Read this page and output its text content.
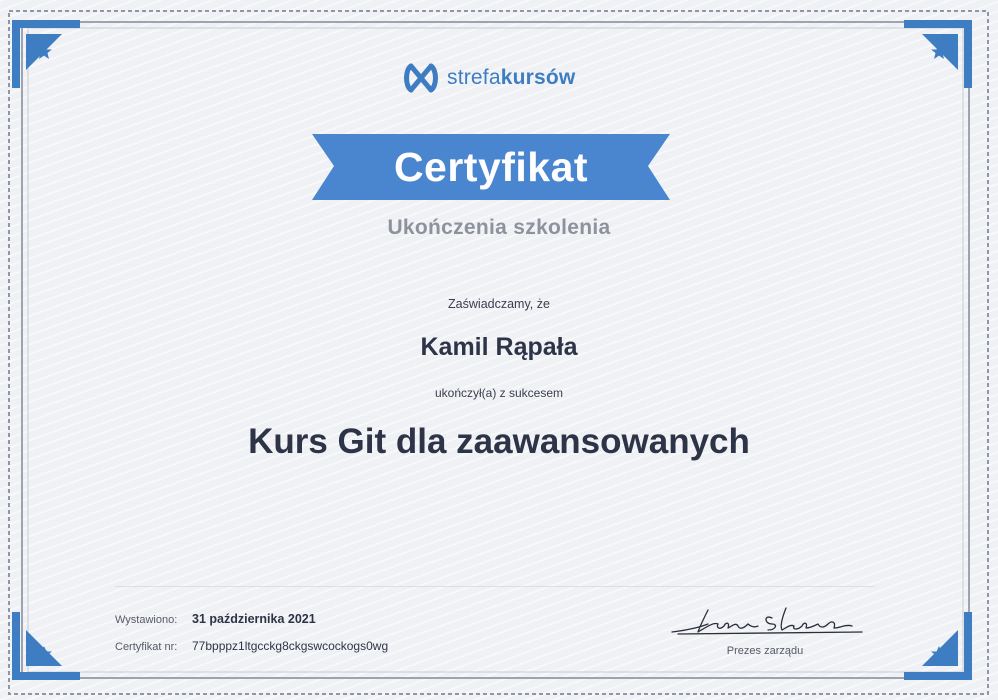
strefakursów
Certyfikat
Ukończenia szkolenia
Zaświadczamy, że
Kamil Rąpała
ukończył(a) z sukcesem
Kurs Git dla zaawansowanych
Wystawiono: 31 października 2021
Certyfikat nr: 77bpppz1ltgcckg8ckgswcockogs0wg	Prezes zarządu
